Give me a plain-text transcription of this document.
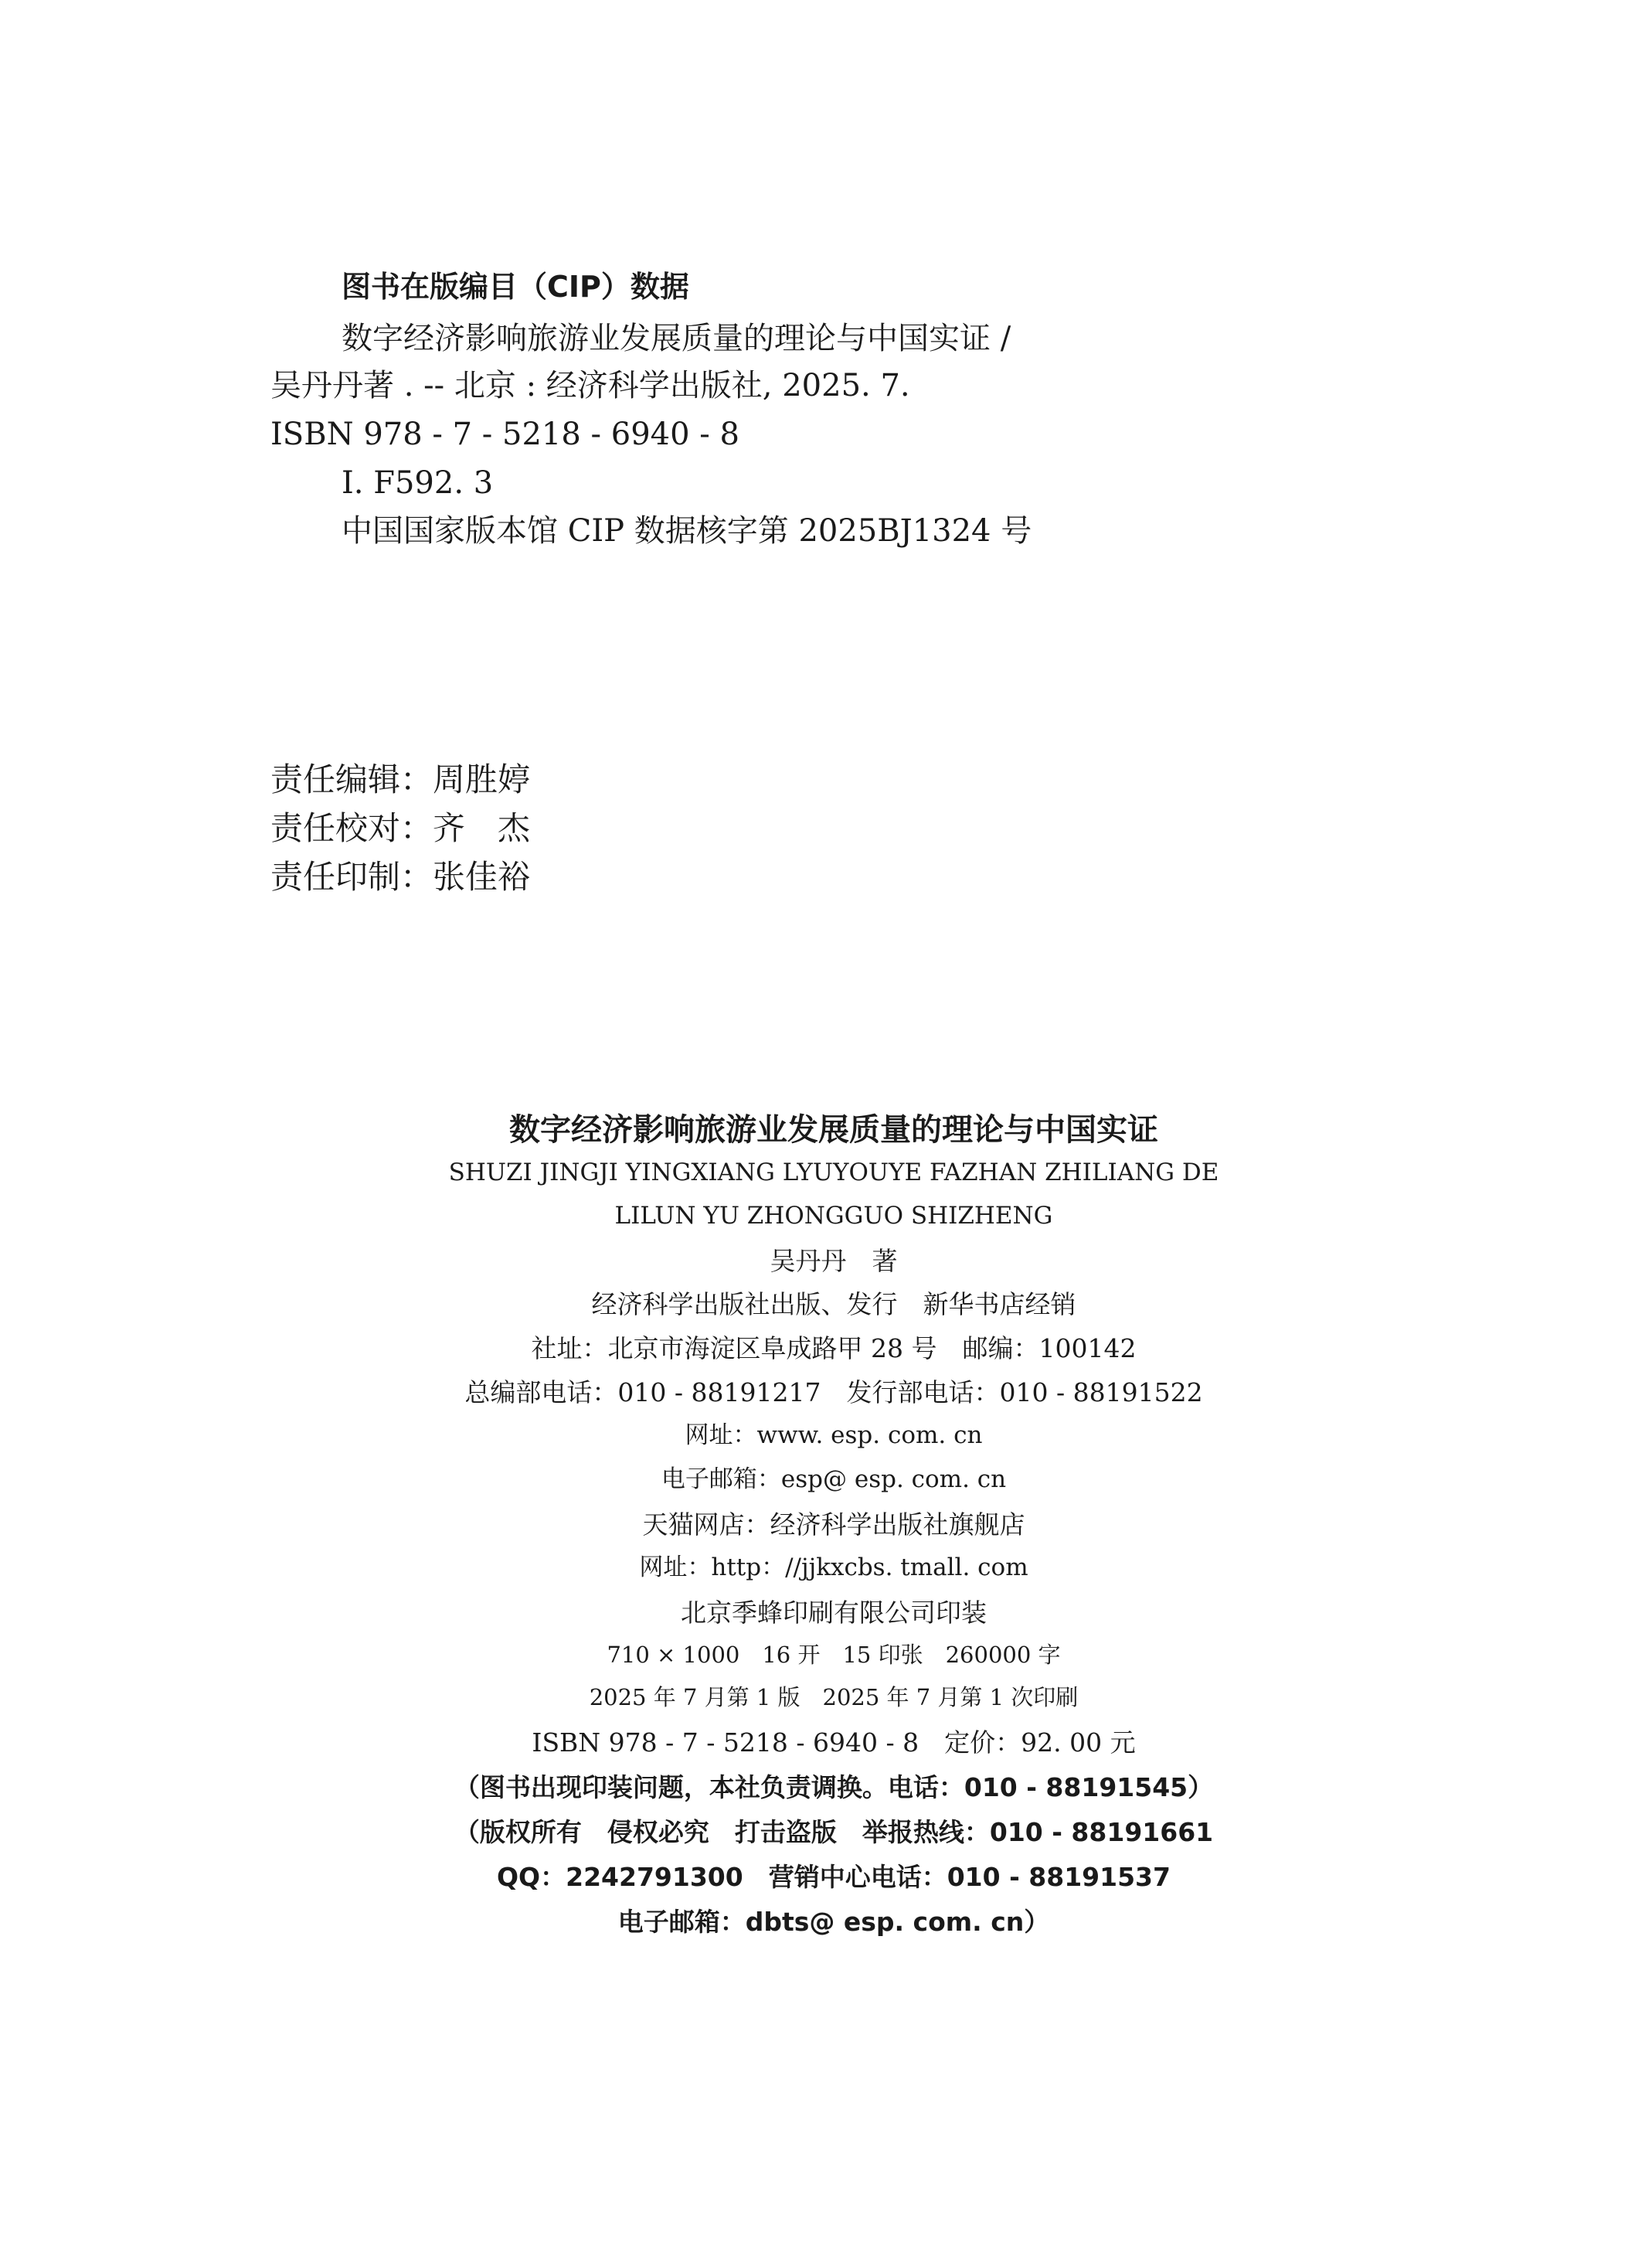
图书在版编目（CIP）数据
数字经济影响旅游业发展质量的理论与中国实证 /
吴丹丹著 . -- 北京 : 经济科学出版社, 2025. 7.
ISBN 978 - 7 - 5218 - 6940 - 8
Ⅰ. F592. 3
中国国家版本馆 CIP 数据核字第 2025BJ1324 号
责任编辑：周胜婷
责任校对：齐　杰
责任印制：张佳裕
数字经济影响旅游业发展质量的理论与中国实证
SHUZI JINGJI YINGXIANG LYUYOUYE FAZHAN ZHILIANG DE
LILUN YU ZHONGGUO SHIZHENG
吴丹丹　著
经济科学出版社出版、发行　新华书店经销
社址：北京市海淀区阜成路甲 28 号　邮编：100142
总编部电话：010 - 88191217　发行部电话：010 - 88191522
网址：www. esp. com. cn
电子邮箱：esp@ esp. com. cn
天猫网店：经济科学出版社旗舰店
网址：http：//jjkxcbs. tmall. com
北京季蜂印刷有限公司印装
710 × 1000　16 开　15 印张　260000 字
2025 年 7 月第 1 版　2025 年 7 月第 1 次印刷
ISBN 978 - 7 - 5218 - 6940 - 8　定价：92. 00 元
（图书出现印装问题，本社负责调换。电话：010 - 88191545）
（版权所有　侵权必究　打击盗版　举报热线：010 - 88191661
QQ：2242791300　营销中心电话：010 - 88191537
电子邮箱：dbts@ esp. com. cn）
